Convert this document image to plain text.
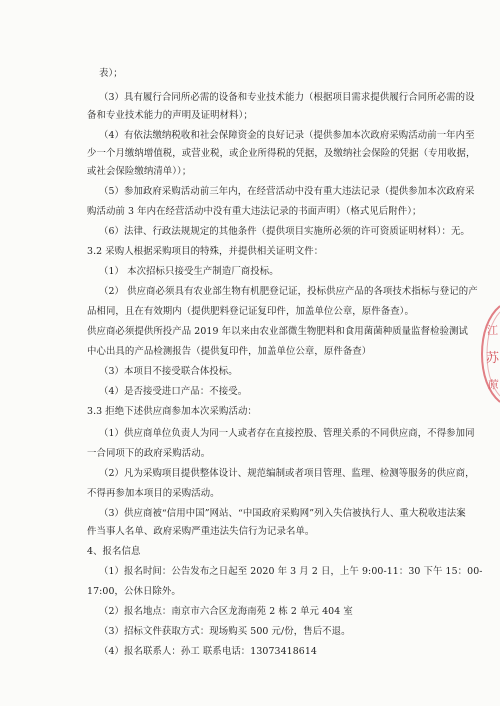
表）；
（3）具有履行合同所必需的设备和专业技术能力（根据项目需求提供履行合同所必需的设
备和专业技术能力的声明及证明材料）；
（4）有依法缴纳税收和社会保障资金的良好记录（提供参加本次政府采购活动前一年内至
少一个月缴纳增值税，或营业税，或企业所得税的凭据，及缴纳社会保险的凭据（专用收据，
或社会保险缴纳清单））；
（5）参加政府采购活动前三年内，在经营活动中没有重大违法记录（提供参加本次政府采
购活动前 3 年内在经营活动中没有重大违法记录的书面声明）（格式见后附件）；
（6）法律、行政法规规定的其他条件（提供项目实施所必须的许可资质证明材料）：无。
3.2 采购人根据采购项目的特殊，并提供相关证明文件：
（1） 本次招标只接受生产制造厂商投标。
（2） 供应商必须具有农业部生物有机肥登记证，投标供应产品的各项技术指标与登记的产
品相同，且在有效期内（提供肥料登记证复印件，加盖单位公章，原件备查）。
供应商必须提供所投产品 2019 年以来由农业部微生物肥料和食用菌菌种质量监督检验测试
中心出具的产品检测报告（提供复印件，加盖单位公章，原件备查）
（3）本项目不接受联合体投标。
（4）是否接受进口产品：不接受。
3.3 拒绝下述供应商参加本次采购活动：
（1）供应商单位负责人为同一人或者存在直接控股、管理关系的不同供应商，不得参加同
一合同项下的政府采购活动。
（2）凡为采购项目提供整体设计、规范编制或者项目管理、监理、检测等服务的供应商，
不得再参加本项目的采购活动。
（3）供应商被“信用中国”网站、“中国政府采购网”列入失信被执行人、重大税收违法案
件当事人名单、政府采购严重违法失信行为记录名单。
4、报名信息
（1）报名时间：公告发布之日起至 2020 年 3 月 2 日，上午 9:00-11：30 下午 15：00-
17:00，公休日除外。
（2）报名地点：南京市六合区龙海南苑 2 栋 2 单元 404 室
（3）招标文件获取方式：现场购买 500 元/份，售后不退。
（4）报名联系人：孙工 联系电话：13073418614
江
苏
蒝
